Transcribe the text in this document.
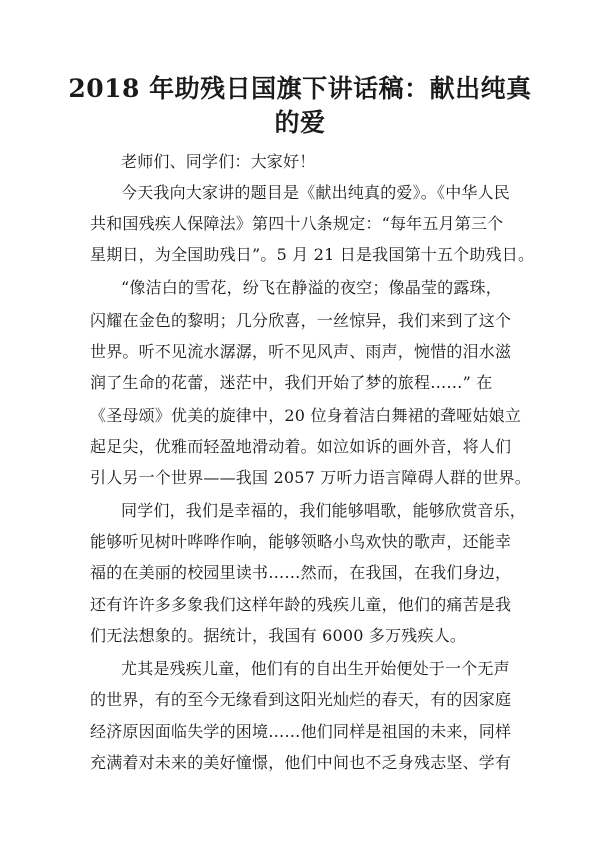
2018 年助残日国旗下讲话稿：献出纯真
的爱
老师们、同学们：大家好！
今天我向大家讲的题目是《献出纯真的爱》。《中华人民
共和国残疾人保障法》第四十八条规定：“每年五月第三个
星期日，为全国助残日”。5 月 21 日是我国第十五个助残日。
“像洁白的雪花，纷飞在静溢的夜空；像晶莹的露珠，
闪耀在金色的黎明；几分欣喜，一丝惊异，我们来到了这个
世界。听不见流水潺潺，听不见风声、雨声，惋惜的泪水滋
润了生命的花蕾，迷茫中，我们开始了梦的旅程……” 在
《圣母颂》优美的旋律中，20 位身着洁白舞裙的聋哑姑娘立
起足尖，优雅而轻盈地滑动着。如泣如诉的画外音，将人们
引人另一个世界——我国 2057 万听力语言障碍人群的世界。
同学们，我们是幸福的，我们能够唱歌，能够欣赏音乐，
能够听见树叶哗哗作响，能够领略小鸟欢快的歌声，还能幸
福的在美丽的校园里读书……然而，在我国，在我们身边，
还有许许多多象我们这样年龄的残疾儿童，他们的痛苦是我
们无法想象的。据统计，我国有 6000 多万残疾人。
尤其是残疾儿童，他们有的自出生开始便处于一个无声
的世界，有的至今无缘看到这阳光灿烂的春天，有的因家庭
经济原因面临失学的困境……他们同样是祖国的未来，同样
充满着对未来的美好憧憬，他们中间也不乏身残志坚、学有
